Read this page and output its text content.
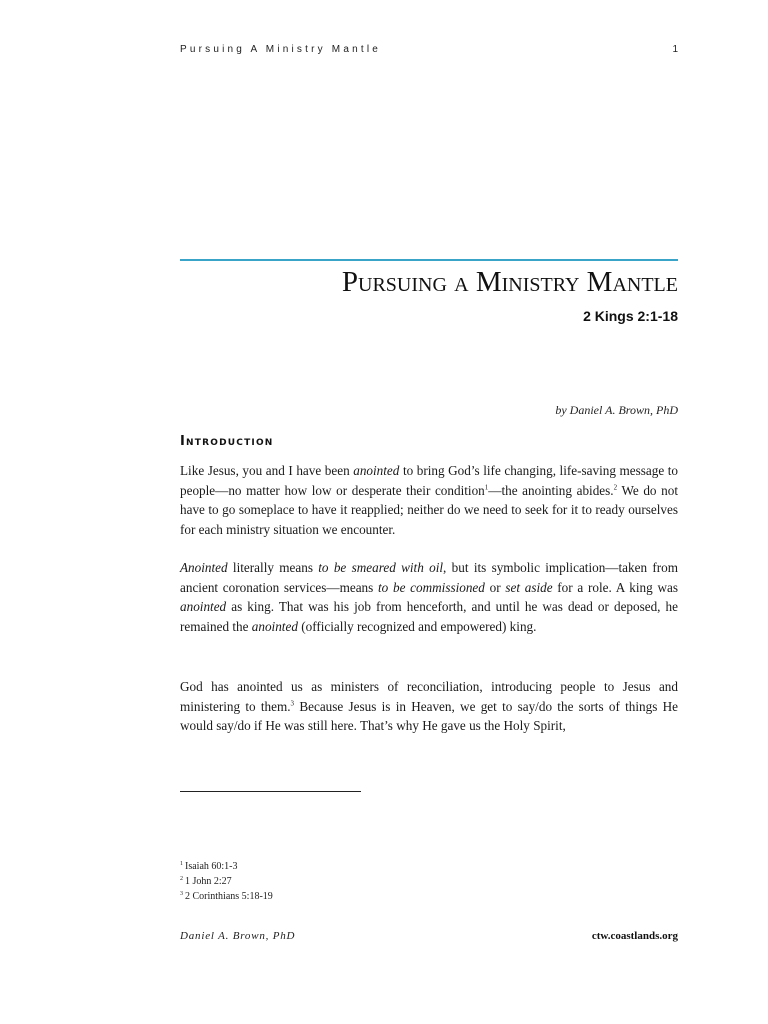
Pursuing A Ministry Mantle	1
Pursuing a Ministry Mantle
2 Kings 2:1-18
by Daniel A. Brown, PhD
Introduction

Like Jesus, you and I have been anointed to bring God’s life changing, life-saving message to people—no matter how low or desperate their condition$^1$—the anointing abides.$^2$ We do not have to go someplace to have it reapplied; neither do we need to seek for it to ready ourselves for each ministry situation we encounter.

Anointed literally means to be smeared with oil, but its symbolic implication—taken from ancient coronation services—means to be commissioned or set aside for a role. A king was anointed as king. That was his job from henceforth, and until he was dead or deposed, he remained the anointed (officially recognized and empowered) king.

God has anointed us as ministers of reconciliation, introducing people to Jesus and ministering to them.$^3$ Because Jesus is in Heaven, we get to say/do the sorts of things He would say/do if He was still here. That’s why He gave us the Holy Spirit,

$^1$ Isaiah 60:1-3
$^2$ 1 John 2:27
$^3$ 2 Corinthians 5:18-19
Daniel A. Brown, PhD	ctw.coastlands.org
